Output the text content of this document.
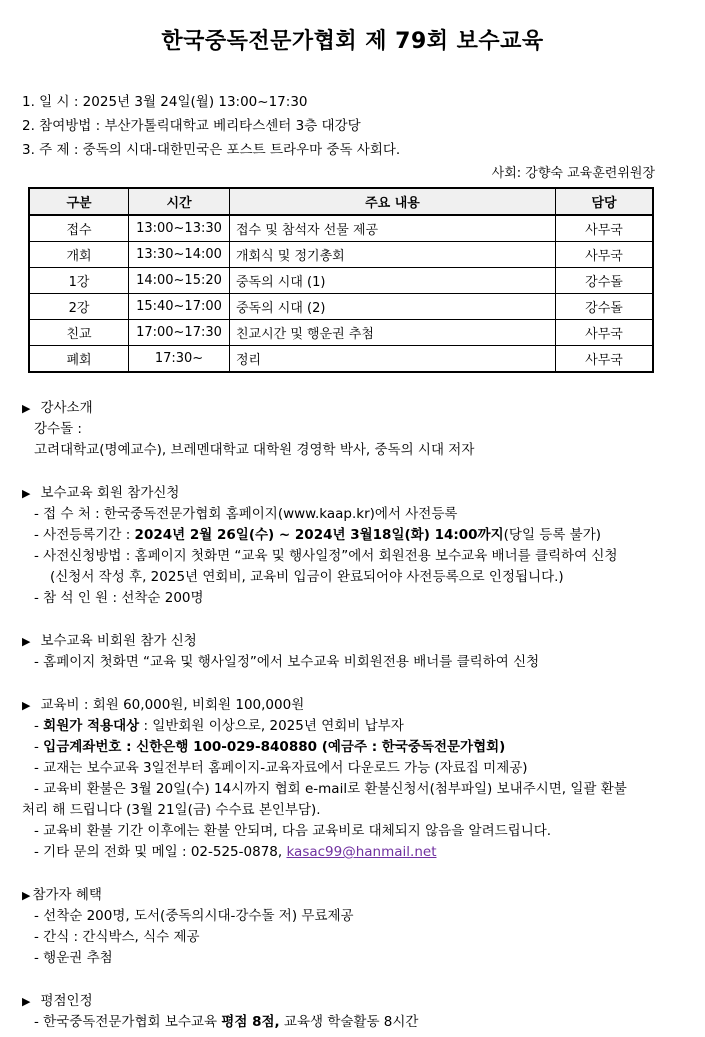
한국중독전문가협회 제 79회 보수교육
1. 일 시 : 2025년 3월 24일(월) 13:00~17:30
2. 참여방법 : 부산가톨릭대학교 베리타스센터 3층 대강당
3. 주 제 : 중독의 시대-대한민국은 포스트 트라우마 중독 사회다.
사회: 강향숙 교육훈련위원장
구분	시간	주요 내용	담당
접수	13:00~13:30	접수 및 참석자 선물 제공	사무국
개회	13:30~14:00	개회식 및 정기총회	사무국
1강	14:00~15:20	중독의 시대 (1)	강수돌
2강	15:40~17:00	중독의 시대 (2)	강수돌
친교	17:00~17:30	친교시간 및 행운권 추첨	사무국
폐회	17:30~	정리	사무국
▶ 강사소개
강수돌 :
고려대학교(명예교수), 브레멘대학교 대학원 경영학 박사, 중독의 시대 저자
▶ 보수교육 회원 참가신청
- 접 수 처 : 한국중독전문가협회 홈페이지(www.kaap.kr)에서 사전등록
- 사전등록기간 : 2024년 2월 26일(수) ~ 2024년 3월18일(화) 14:00까지(당일 등록 불가)
- 사전신청방법 : 홈페이지 첫화면 “교육 및 행사일정”에서 회원전용 보수교육 배너를 클릭하여 신청
(신청서 작성 후, 2025년 연회비, 교육비 입금이 완료되어야 사전등록으로 인정됩니다.)
- 참 석 인 원 : 선착순 200명
▶ 보수교육 비회원 참가 신청
- 홈페이지 첫화면 “교육 및 행사일정”에서 보수교육 비회원전용 배너를 클릭하여 신청
▶ 교육비 : 회원 60,000원, 비회원 100,000원
- 회원가 적용대상 : 일반회원 이상으로, 2025년 연회비 납부자
- 입금계좌번호 : 신한은행 100-029-840880 (예금주 : 한국중독전문가협회)
- 교재는 보수교육 3일전부터 홈페이지-교육자료에서 다운로드 가능 (자료집 미제공)
- 교육비 환불은 3월 20일(수) 14시까지 협회 e-mail로 환불신청서(첨부파일) 보내주시면, 일괄 환불
처리 해 드립니다 (3월 21일(금) 수수료 본인부담).
- 교육비 환불 기간 이후에는 환불 안되며, 다음 교육비로 대체되지 않음을 알려드립니다.
- 기타 문의 전화 및 메일 : 02-525-0878, kasac99@hanmail.net
▶ 참가자 혜택
- 선착순 200명, 도서(중독의시대-강수돌 저) 무료제공
- 간식 : 간식박스, 식수 제공
- 행운권 추첨
▶ 평점인정
- 한국중독전문가협회 보수교육 평점 8점, 교육생 학술활동 8시간
